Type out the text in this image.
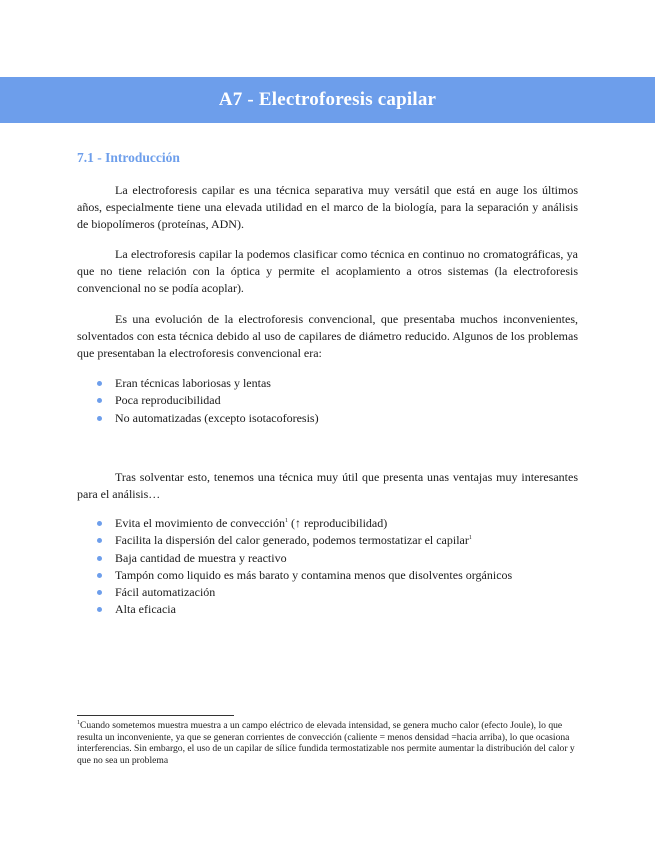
A7 - Electroforesis capilar
7.1 - Introducción

La electroforesis capilar es una técnica separativa muy versátil que está en auge los últimos años, especialmente tiene una elevada utilidad en el marco de la biología, para la separación y análisis de biopolímeros (proteínas, ADN).

La electroforesis capilar la podemos clasificar como técnica en continuo no cromatográficas, ya que no tiene relación con la óptica y permite el acoplamiento a otros sistemas (la electroforesis convencional no se podía acoplar).

Es una evolución de la electroforesis convencional, que presentaba muchos inconvenientes, solventados con esta técnica debido al uso de capilares de diámetro reducido. Algunos de los problemas que presentaban la electroforesis convencional era:

Eran técnicas laboriosas y lentas
Poca reproducibilidad
No automatizadas (excepto isotacoforesis)

Tras solventar esto, tenemos una técnica muy útil que presenta unas ventajas muy interesantes para el análisis…

Evita el movimiento de convección$^1$ (↑ reproducibilidad)
Facilita la dispersión del calor generado, podemos termostatizar el capilar$^1$
Baja cantidad de muestra y reactivo
Tampón como liquido es más barato y contamina menos que disolventes orgánicos
Fácil automatización
Alta eficacia

$^1$Cuando sometemos muestra muestra a un campo eléctrico de elevada intensidad, se genera mucho calor (efecto Joule), lo que resulta un inconveniente, ya que se generan corrientes de convección (caliente = menos densidad =hacia arriba), lo que ocasiona interferencias. Sin embargo, el uso de un capilar de sílice fundida termostatizable nos permite aumentar la distribución del calor y que no sea un problema
